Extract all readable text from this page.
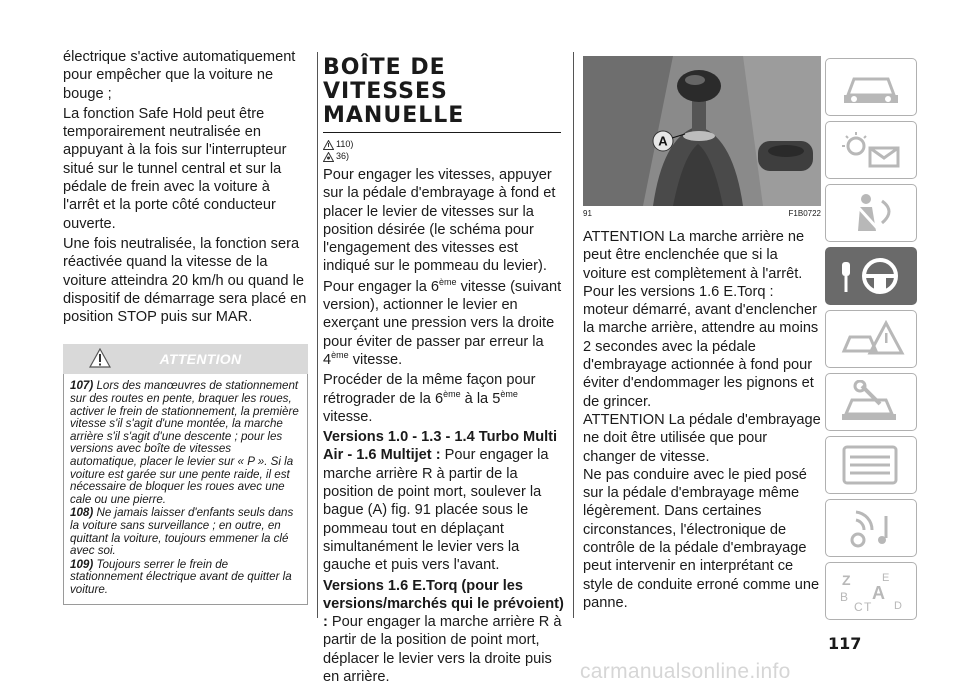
électrique s'active automatiquement pour empêcher que la voiture ne bouge ;

La fonction Safe Hold peut être temporairement neutralisée en appuyant à la fois sur l'interrupteur situé sur le tunnel central et sur la pédale de frein avec la voiture à l'arrêt et la porte côté conducteur ouverte.

Une fois neutralisée, la fonction sera réactivée quand la vitesse de la voiture atteindra 20 km/h ou quand le dispositif de démarrage sera placé en position STOP puis sur MAR.

ATTENTION

107) Lors des manœuvres de stationnement sur des routes en pente, braquer les roues, activer le frein de stationnement, la première vitesse s'il s'agit d'une montée, la marche arrière s'il s'agit d'une descente ; pour les versions avec boîte de vitesses automatique, placer le levier sur « P ». Si la voiture est garée sur une pente raide, il est nécessaire de bloquer les roues avec une cale ou une pierre.

108) Ne jamais laisser d'enfants seuls dans la voiture sans surveillance ; en outre, en quittant la voiture, toujours emmener la clé avec soi.

109) Toujours serrer le frein de stationnement électrique avant de quitter la voiture.

BOÎTE DE VITESSES
MANUELLE
110)
36)

Pour engager les vitesses, appuyer sur la pédale d'embrayage à fond et placer le levier de vitesses sur la position désirée (le schéma pour l'engagement des vitesses est indiqué sur le pommeau du levier).

Pour engager la 6ème vitesse (suivant version), actionner le levier en exerçant une pression vers la droite pour éviter de passer par erreur la 4ème vitesse.

Procéder de la même façon pour rétrograder de la 6ème à la 5ème vitesse.

Versions 1.0 - 1.3 - 1.4 Turbo Multi Air - 1.6 Multijet : Pour engager la marche arrière R à partir de la position de point mort, soulever la bague (A) fig. 91 placée sous le pommeau tout en déplaçant simultanément le levier vers la gauche et puis vers l'avant.

Versions 1.6 E.Torq (pour les versions/marchés qui le prévoient) : Pour engager la marche arrière R à partir de la position de point mort, déplacer le levier vers la droite puis en arrière.

A
91	F1B0722

ATTENTION La marche arrière ne peut être enclenchée que si la voiture est complètement à l'arrêt. Pour les versions 1.6 E.Torq : moteur démarré, avant d'enclencher la marche arrière, attendre au moins 2 secondes avec la pédale d'embrayage actionnée à fond pour éviter d'endommager les pignons et de grincer.

ATTENTION La pédale d'embrayage ne doit être utilisée que pour changer de vitesse.

Ne pas conduire avec le pied posé sur la pédale d'embrayage même légèrement. Dans certaines circonstances, l'électronique de contrôle de la pédale d'embrayage peut intervenir en interprétant ce style de conduite erroné comme une panne.

Z	E
B A
C T D
117
carmanualsonline.info
